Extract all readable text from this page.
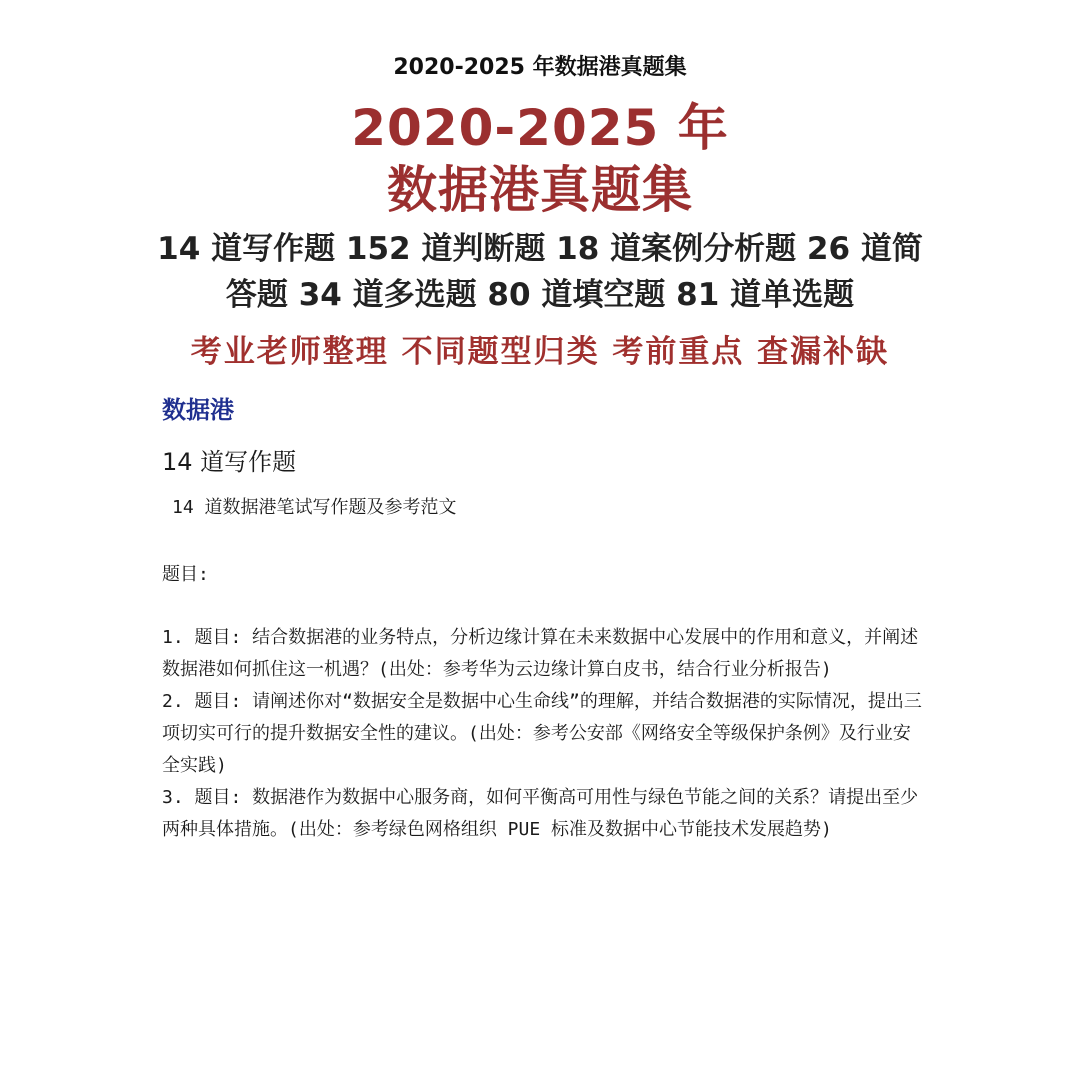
2020-2025 年数据港真题集
2020-2025 年
数据港真题集
14 道写作题 152 道判断题 18 道案例分析题 26 道简
答题 34 道多选题 80 道填空题 81 道单选题
考业老师整理 不同题型归类 考前重点 查漏补缺
数据港
14 道写作题
14 道数据港笔试写作题及参考范文
题目:

1. 题目: 结合数据港的业务特点，分析边缘计算在未来数据中心发展中的作用和意义，并阐述数据港如何抓住这一机遇？(出处：参考华为云边缘计算白皮书，结合行业分析报告)

2. 题目: 请阐述你对“数据安全是数据中心生命线”的理解，并结合数据港的实际情况，提出三项切实可行的提升数据安全性的建议。(出处：参考公安部《网络安全等级保护条例》及行业安全实践)

3. 题目: 数据港作为数据中心服务商，如何平衡高可用性与绿色节能之间的关系？请提出至少两种具体措施。(出处：参考绿色网格组织 PUE 标准及数据中心节能技术发展趋势)
